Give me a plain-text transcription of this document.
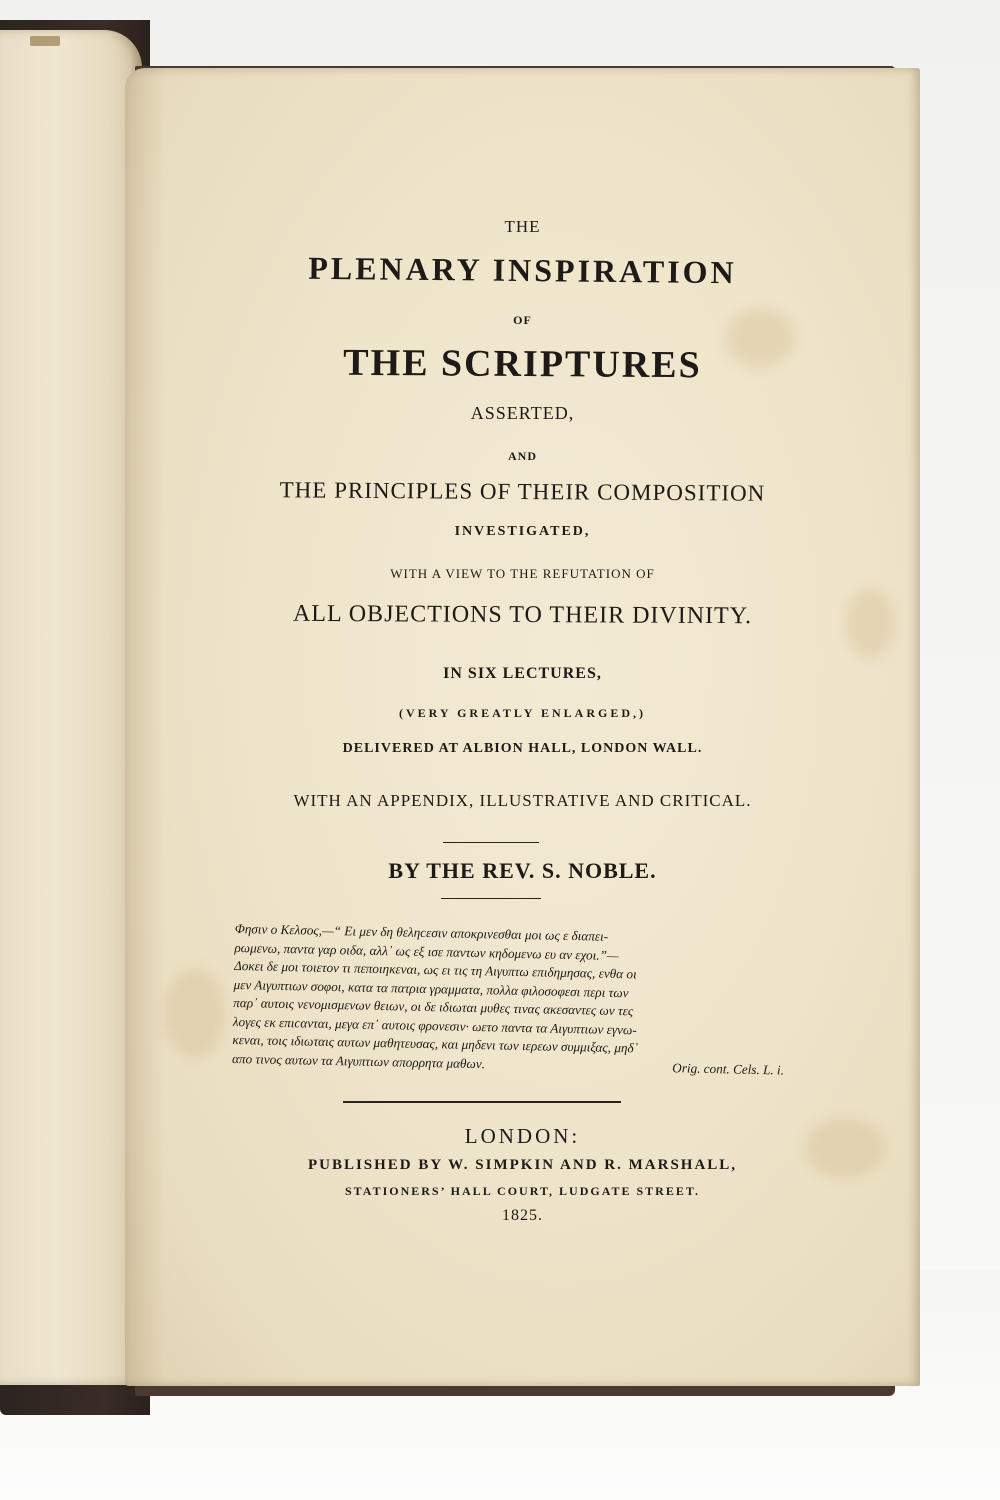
THE
PLENARY INSPIRATION
OF
THE SCRIPTURES
ASSERTED,
AND
THE PRINCIPLES OF THEIR COMPOSITION
INVESTIGATED,
WITH A VIEW TO THE REFUTATION OF
ALL OBJECTIONS TO THEIR DIVINITY.
IN SIX LECTURES,
(VERY GREATLY ENLARGED,)
DELIVERED AT ALBION HALL, LONDON WALL.
WITH AN APPENDIX, ILLUSTRATIVE AND CRITICAL.
BY THE REV. S. NOBLE.
Φησιν ο Κελσος,—“ Ει μεν δη θεληϲεσιν αποκρινεσθαι μοι ως ε διαπει-
ρωμενω, παντα γαρ οιδα, αλλ᾽ ως εξ ισε παντων κηδομενω ευ αν εχοι.”—
Δοκει δε μοι τοιετον τι πεποιηκεναι, ως ει τις τη Αιγυπτω επιδημησας, ενθα οι
μεν Αιγυπτιων σοφοι, κατα τα πατρια γραμματα, πολλα φιλοσοφεσι περι των
παρ᾽ αυτοις νενομισμενων θειων, οι δε ιδιωται μυθες τινας ακεσαντες ων τες
λογες εκ επιϲανται, μεγα επ᾽ αυτοις φρονεσιν· ωετο παντα τα Αιγυπτιων εγνω-
κεναι, τοις ιδιωταις αυτων μαθητευσας, και μηδενι των ιερεων συμμιξας, μηδ᾽
απο τινος αυτων τα Αιγυπτιων απορρητα μαθων.	Orig. cont. Cels. L. i.
LONDON:
PUBLISHED BY W. SIMPKIN AND R. MARSHALL,
STATIONERS’ HALL COURT, LUDGATE STREET.
1825.
